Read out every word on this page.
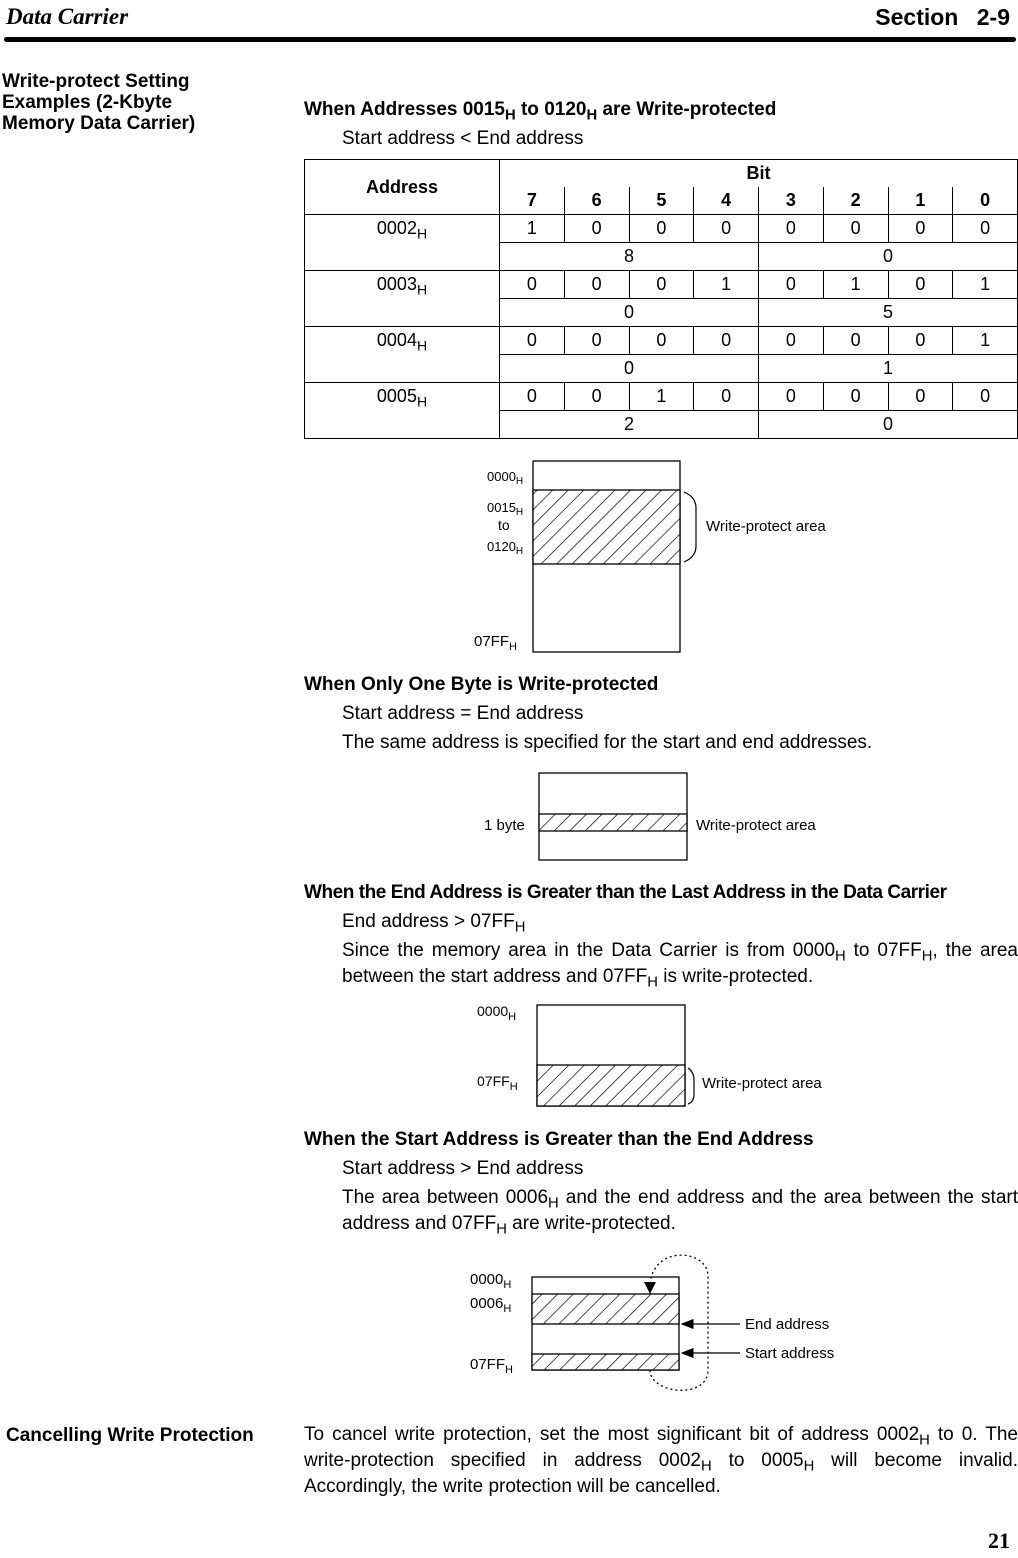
Data Carrier	Section 2-9
Write-protect Setting Examples (2-Kbyte Memory Data Carrier)
When Addresses $0015_H$ to $0120_H$ are Write-protected
Start address < End address
Address	Bit							
	7	6	5	4	3	2	1	0
$0002_H$	1	0	0	0	0	0	0	0
	8				0			
$0003_H$	0	0	0	1	0	1	0	1
	0				5			
$0004_H$	0	0	0	0	0	0	0	1
	0				1			
$0005_H$	0	0	1	0	0	0	0	0
	2				0			
$0000_H$
$0015_H$
to
$0120_H$
$07FF_H$
Write-protect area
1 byte	Write-protect area
$0000_H$
$07FF_H$	Write-protect area
$0000_H$
$0006_H$
$07FF_H$
End address
Start address
When Only One Byte is Write-protected
Start address = End address
The same address is specified for the start and end addresses.
When the End Address is Greater than the Last Address in the Data Carrier
End address > $07FF_H$
Since the memory area in the Data Carrier is from $0000_H$ to $07FF_H$, the area between the start address and $07FF_H$ is write-protected.
When the Start Address is Greater than the End Address
Start address > End address
The area between $0006_H$ and the end address and the area between the start address and $07FF_H$ are write-protected.
Cancelling Write Protection	To cancel write protection, set the most significant bit of address $0002_H$ to 0. The write-protection specified in address $0002_H$ to $0005_H$ will become invalid. Accordingly, the write protection will be cancelled.
21
